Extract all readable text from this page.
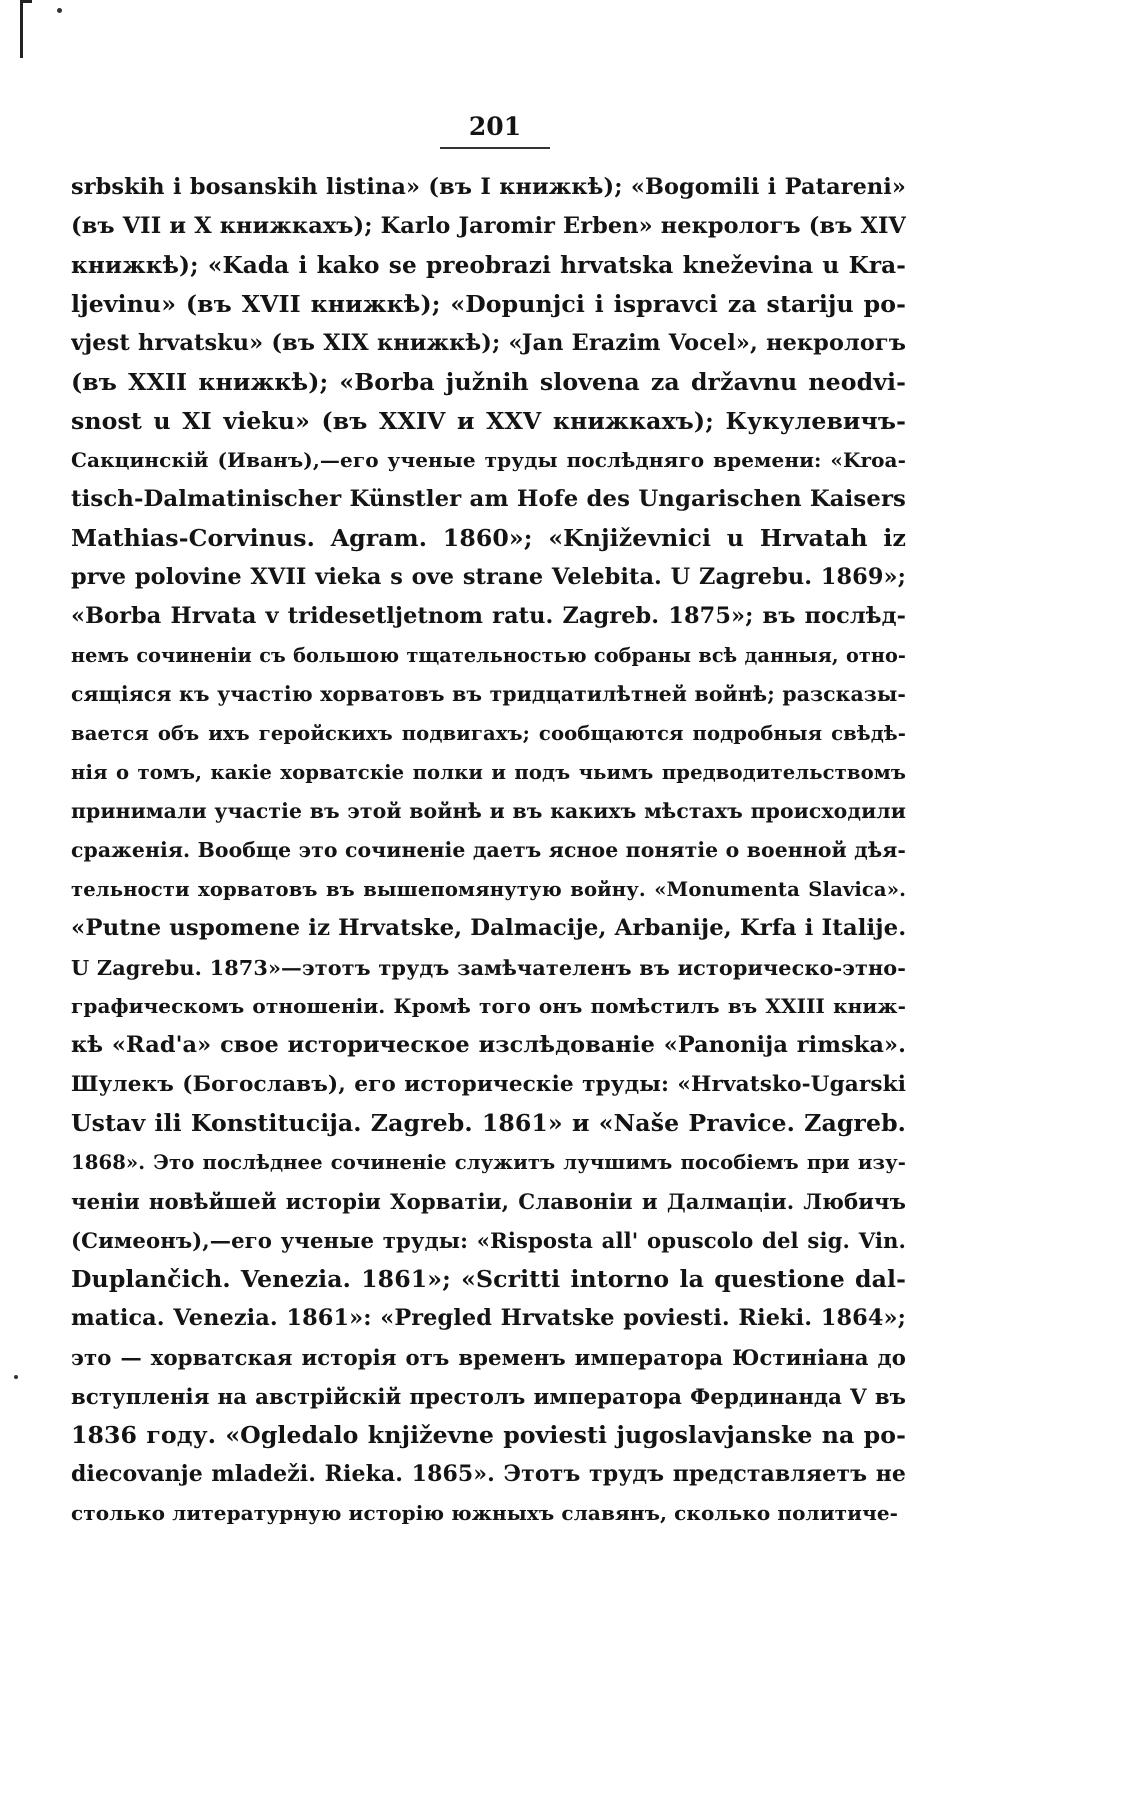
201
srbskih i bosanskih listina» (въ I книжкѣ); «Bogomili i Patareni»
(въ VII и X книжкахъ); Karlo Jaromir Erben» некрологъ (въ XIV
книжкѣ); «Kada i kako se preobrazi hrvatska kneževina u Kra-
ljevinu» (въ XVII книжкѣ); «Dopunjci i ispravci za stariju po-
vjest hrvatsku» (въ XIX книжкѣ); «Jan Erazim Vocel», некрологъ
(въ XXII книжкѣ); «Borba južnih slovena za državnu neodvi-
snost u XI vieku» (въ XXIV и XXV книжкахъ); Кукулевичъ-
Сакцинскій (Иванъ),—его ученые труды послѣдняго времени: «Kroa-
tisch-Dalmatinischer Künstler am Hofe des Ungarischen Kaisers
Mathias-Corvinus. Agram. 1860»; «Književnici u Hrvatah iz
prve polovine XVII vieka s ove strane Velebita. U Zagrebu. 1869»;
«Borba Hrvata v tridesetljetnom ratu. Zagreb. 1875»; въ послѣд-
немъ сочиненіи съ большою тщательностью собраны всѣ данныя, отно-
сящіяся къ участію хорватовъ въ тридцатилѣтней войнѣ; разсказы-
вается объ ихъ геройскихъ подвигахъ; сообщаются подробныя свѣдѣ-
нія о томъ, какіе хорватскіе полки и подъ чьимъ предводительствомъ
принимали участіе въ этой войнѣ и въ какихъ мѣстахъ происходили
сраженія. Вообще это сочиненіе даетъ ясное понятіе о военной дѣя-
тельности хорватовъ въ вышепомянутую войну. «Monumenta Slavica».
«Putne uspomene iz Hrvatske, Dalmacije, Arbanije, Krfa i Italije.
U Zagrebu. 1873»—этотъ трудъ замѣчателенъ въ историческо-этно-
графическомъ отношеніи. Кромѣ того онъ помѣстилъ въ XXIII книж-
кѣ «Rad'a» свое историческое изслѣдованіе «Panonija rimska».
Шулекъ (Богославъ), его историческіе труды: «Hrvatsko-Ugarski
Ustav ili Konstitucija. Zagreb. 1861» и «Naše Pravice. Zagreb.
1868». Это послѣднее сочиненіе служитъ лучшимъ пособіемъ при изу-
ченіи новѣйшей исторіи Хорватіи, Славоніи и Далмаціи. Любичъ
(Симеонъ),—его ученые труды: «Risposta all' opuscolo del sig. Vin.
Duplančich. Venezia. 1861»; «Scritti intorno la questione dal-
matica. Venezia. 1861»: «Pregled Hrvatske poviesti. Rieki. 1864»;
это — хорватская исторія отъ временъ императора Юстиніана до
вступленія на австрійскій престолъ императора Фердинанда V въ
1836 году. «Ogledalo književne poviesti jugoslavjanske na po-
dieсоvanje mladeži. Rieka. 1865». Этотъ трудъ представляетъ не
столько литературную исторію южныхъ славянъ, сколько политиче-
